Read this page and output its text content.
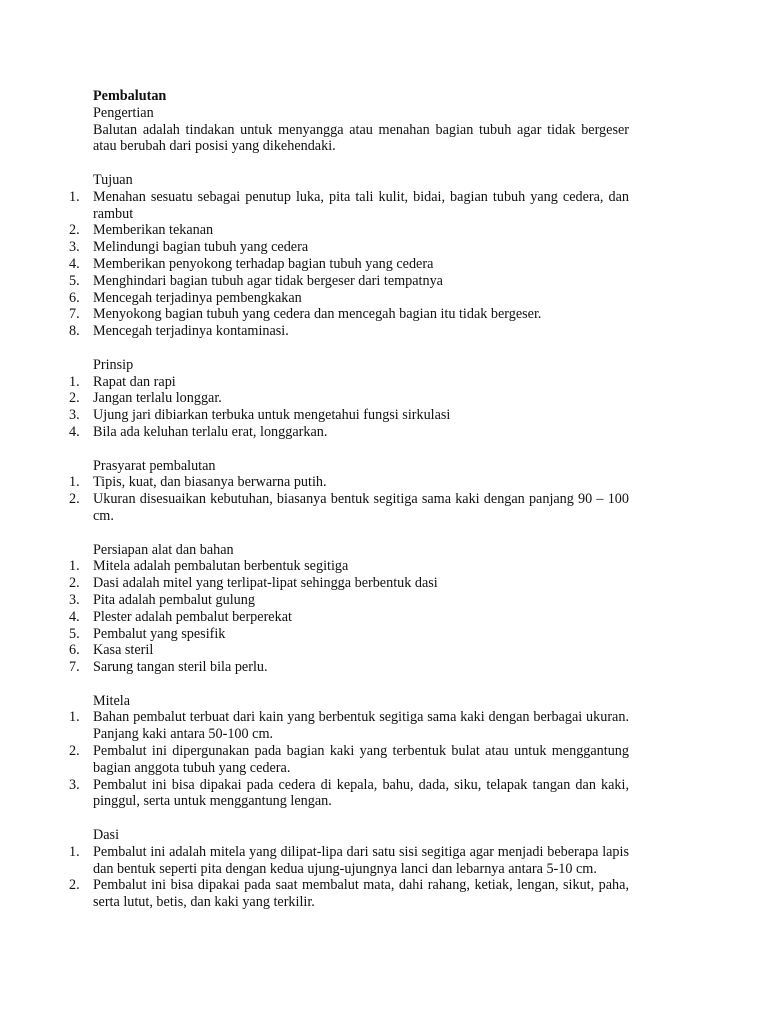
Pembalutan

Pengertian

Balutan adalah tindakan untuk menyangga atau menahan bagian tubuh agar tidak bergeser atau berubah dari posisi yang dikehendaki.

Tujuan

1. Menahan sesuatu sebagai penutup luka, pita tali kulit, bidai, bagian tubuh yang cedera, dan rambut
2. Memberikan tekanan
3. Melindungi bagian tubuh yang cedera
4. Memberikan penyokong terhadap bagian tubuh yang cedera
5. Menghindari bagian tubuh agar tidak bergeser dari tempatnya
6. Mencegah terjadinya pembengkakan
7. Menyokong bagian tubuh yang cedera dan mencegah bagian itu tidak bergeser.
8. Mencegah terjadinya kontaminasi.

Prinsip

1. Rapat dan rapi
2. Jangan terlalu longgar.
3. Ujung jari dibiarkan terbuka untuk mengetahui fungsi sirkulasi
4. Bila ada keluhan terlalu erat, longgarkan.

Prasyarat pembalutan

1. Tipis, kuat, dan biasanya berwarna putih.
2. Ukuran disesuaikan kebutuhan, biasanya bentuk segitiga sama kaki dengan panjang 90 – 100 cm.

Persiapan alat dan bahan

1. Mitela adalah pembalutan berbentuk segitiga
2. Dasi adalah mitel yang terlipat-lipat sehingga berbentuk dasi
3. Pita adalah pembalut gulung
4. Plester adalah pembalut berperekat
5. Pembalut yang spesifik
6. Kasa steril
7. Sarung tangan steril bila perlu.

Mitela

1. Bahan pembalut terbuat dari kain yang berbentuk segitiga sama kaki dengan berbagai ukuran. Panjang kaki antara 50-100 cm.
2. Pembalut ini dipergunakan pada bagian kaki yang terbentuk bulat atau untuk menggantung bagian anggota tubuh yang cedera.
3. Pembalut ini bisa dipakai pada cedera di kepala, bahu, dada, siku, telapak tangan dan kaki, pinggul, serta untuk menggantung lengan.

Dasi

1. Pembalut ini adalah mitela yang dilipat-lipa dari satu sisi segitiga agar menjadi beberapa lapis dan bentuk seperti pita dengan kedua ujung-ujungnya lanci dan lebarnya antara 5-10 cm.
2. Pembalut ini bisa dipakai pada saat membalut mata, dahi rahang, ketiak, lengan, sikut, paha, serta lutut, betis, dan kaki yang terkilir.
